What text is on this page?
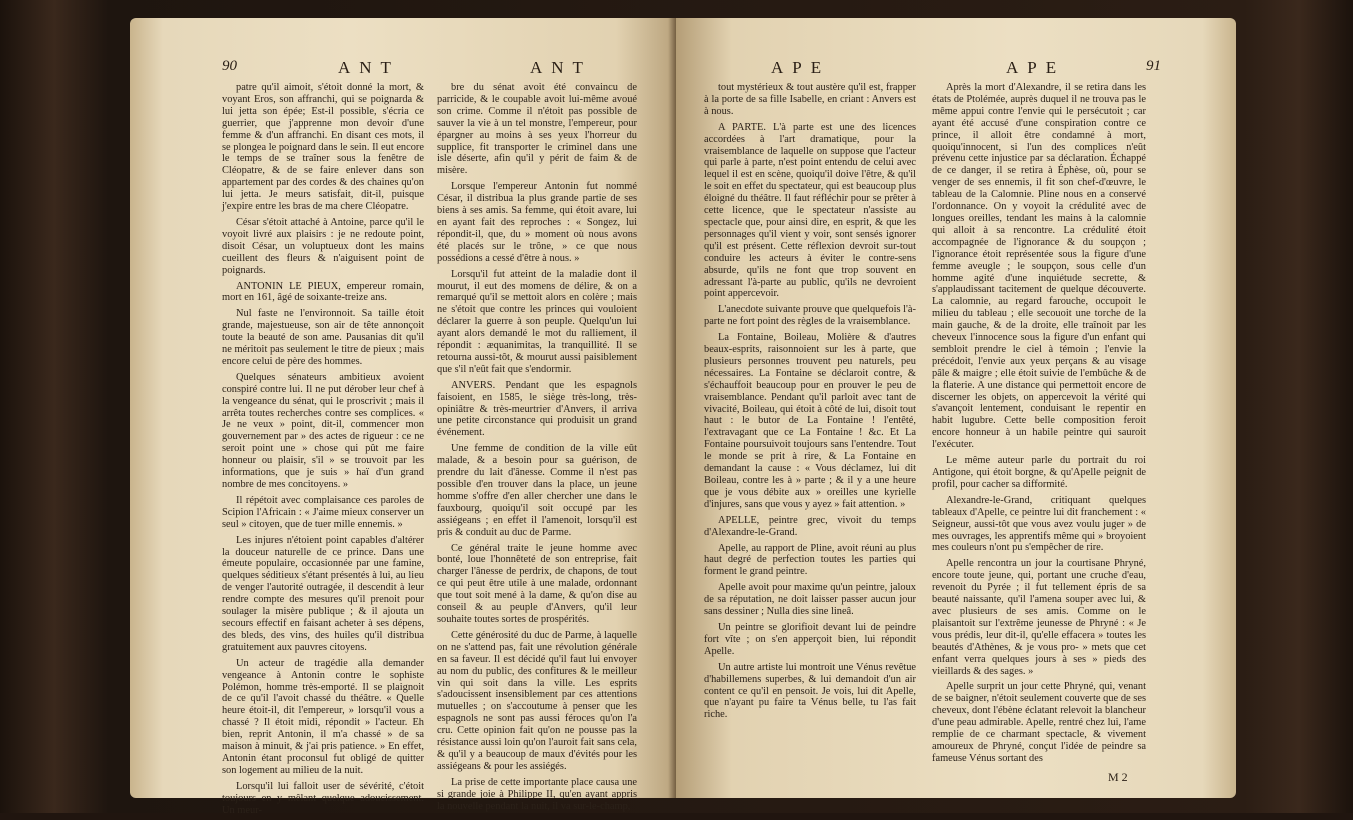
90	ANT	ANT

patre qu'il aimoit, s'étoit donné la mort, & voyant Eros, son affranchi, qui se poignarda & lui jetta son épée; Est-il possible, s'écria ce guerrier, que j'apprenne mon devoir d'une femme & d'un affranchi. En disant ces mots, il se plongea le poignard dans le sein. Il eut encore le temps de se traîner sous la fenêtre de Cléopatre, & de se faire enlever dans son appartement par des cordes & des chaines qu'on lui jetta. Je meurs satisfait, dit-il, puisque j'expire entre les bras de ma chere Cléopatre.

César s'étoit attaché à Antoine, parce qu'il le voyoit livré aux plaisirs : je ne redoute point, disoit César, un voluptueux dont les mains cueillent des fleurs & n'aiguisent point de poignards.

ANTONIN LE PIEUX, empereur romain, mort en 161, âgé de soixante-treize ans.

Nul faste ne l'environnoit. Sa taille étoit grande, majestueuse, son air de tête annonçoit toute la beauté de son ame. Pausanias dit qu'il ne méritoit pas seulement le titre de pieux ; mais encore celui de père des hommes.

Quelques sénateurs ambitieux avoient conspiré contre lui. Il ne put dérober leur chef à la vengeance du sénat, qui le proscrivit ; mais il arrêta toutes recherches contre ses complices. « Je ne veux » point, dit-il, commencer mon gouvernement par » des actes de rigueur : ce ne seroit point une » chose qui pût me faire honneur ou plaisir, s'il » se trouvoit par les informations, que je suis » haï d'un grand nombre de mes concitoyens. »

Il répétoit avec complaisance ces paroles de Scipion l'Africain : « J'aime mieux conserver un seul » citoyen, que de tuer mille ennemis. »

Les injures n'étoient point capables d'altérer la douceur naturelle de ce prince. Dans une émeute populaire, occasionnée par une famine, quelques séditieux s'étant présentés à lui, au lieu de venger l'autorité outragée, il descendit à leur rendre compte des mesures qu'il prenoit pour soulager la misère publique ; & il ajouta un secours effectif en faisant acheter à ses dépens, des bleds, des vins, des huiles qu'il distribua gratuitement aux pauvres citoyens.

Un acteur de tragédie alla demander vengeance à Antonin contre le sophiste Polémon, homme très-emporté. Il se plaignoit de ce qu'il l'avoit chassé du théâtre. « Quelle heure étoit-il, dit l'empereur, » lorsqu'il vous a chassé ? Il étoit midi, répondit » l'acteur. Eh bien, reprit Antonin, il m'a chassé » de sa maison à minuit, & j'ai pris patience. » En effet, Antonin étant proconsul fut obligé de quitter son logement au milieu de la nuit.

Lorsqu'il lui falloit user de sévérité, c'étoit toujours en y mêlant quelque adoucissement. Un meur-

bre du sénat avoit été convaincu de parricide, & le coupable avoit lui-même avoué son crime. Comme il n'étoit pas possible de sauver la vie à un tel monstre, l'empereur, pour épargner au moins à ses yeux l'horreur du supplice, fit transporter le criminel dans une isle déserte, afin qu'il y périt de faim & de misère.

Lorsque l'empereur Antonin fut nommé César, il distribua la plus grande partie de ses biens à ses amis. Sa femme, qui étoit avare, lui en ayant fait des reproches : « Songez, lui répondit-il, que, du » moment où nous avons été placés sur le trône, » ce que nous possédions a cessé d'être à nous. »

Lorsqu'il fut atteint de la maladie dont il mourut, il eut des momens de délire, & on a remarqué qu'il se mettoit alors en colère ; mais ne s'étoit que contre les princes qui vouloient déclarer la guerre à son peuple. Quelqu'un lui ayant alors demandé le mot du ralliement, il répondit : æquanimitas, la tranquillité. Il se retourna aussi-tôt, & mourut aussi paisiblement que s'il n'eût fait que s'endormir.

ANVERS. Pendant que les espagnols faisoient, en 1585, le siège très-long, très-opiniâtre & très-meurtrier d'Anvers, il arriva une petite circonstance qui produisit un grand événement.

Une femme de condition de la ville eût malade, & a besoin pour sa guérison, de prendre du lait d'ânesse. Comme il n'est pas possible d'en trouver dans la place, un jeune homme s'offre d'en aller chercher une dans le fauxbourg, quoiqu'il soit occupé par les assiégeans ; en effet il l'amenoit, lorsqu'il est pris & conduit au duc de Parme.

Ce général traite le jeune homme avec bonté, loue l'honnêteté de son entreprise, fait charger l'ânesse de perdrix, de chapons, de tout ce qui peut être utile à une malade, ordonnant que tout soit mené à la dame, & qu'on dise au conseil & au peuple d'Anvers, qu'il leur souhaite toutes sortes de prospérités.

Cette générosité du duc de Parme, à laquelle on ne s'attend pas, fait une révolution générale en sa faveur. Il est décidé qu'il faut lui envoyer au nom du public, des confitures & le meilleur vin qui soit dans la ville. Les esprits s'adoucissent insensiblement par ces attentions mutuelles ; on s'accoutume à penser que les espagnols ne sont pas aussi féroces qu'on l'a cru. Cette opinion fait qu'on ne pousse pas la résistance aussi loin qu'on l'auroit fait sans cela, & qu'il y a beaucoup de maux d'évités pour les assiégeans & pour les assiégés.

La prise de cette importante place causa une si grande joie à Philippe II, qu'en ayant appris la nouvelle pendant la nuit, il va sur-le-champ,

APE	APE	91

tout mystérieux & tout austère qu'il est, frapper à la porte de sa fille Isabelle, en criant : Anvers est à nous.

A PARTE. L'à parte est une des licences accordées à l'art dramatique, pour la vraisemblance de laquelle on suppose que l'acteur qui parle à parte, n'est point entendu de celui avec lequel il est en scène, quoiqu'il doive l'être, & qu'il le soit en effet du spectateur, qui est beaucoup plus éloigné du théâtre. Il faut réfléchir pour se prêter à cette licence, que le spectateur n'assiste au spectacle que, pour ainsi dire, en esprit, & que les personnages qu'il vient y voir, sont sensés ignorer qu'il est présent. Cette réflexion devroit sur-tout conduire les acteurs à éviter le contre-sens absurde, qu'ils ne font que trop souvent en adressant l'à-parte au public, qu'ils ne devroient point appercevoir.

L'anecdote suivante prouve que quelquefois l'à-parte ne fort point des règles de la vraisemblance.

La Fontaine, Boileau, Molière & d'autres beaux-esprits, raisonnoient sur les à parte, que plusieurs personnes trouvent peu naturels, peu nécessaires. La Fontaine se déclaroit contre, & s'échauffoit beaucoup pour en prouver le peu de vraisemblance. Pendant qu'il parloit avec tant de vivacité, Boileau, qui étoit à côté de lui, disoit tout haut : le butor de La Fontaine ! l'entêté, l'extravagant que ce La Fontaine ! &c. Et La Fontaine poursuivoit toujours sans l'entendre. Tout le monde se prit à rire, & La Fontaine en demandant la cause : « Vous déclamez, lui dit Boileau, contre les à » parte ; & il y a une heure que je vous débite aux » oreilles une kyrielle d'injures, sans que vous y ayez » fait attention. »

APELLE, peintre grec, vivoit du temps d'Alexandre-le-Grand.

Apelle, au rapport de Pline, avoit réuni au plus haut degré de perfection toutes les parties qui forment le grand peintre.

Apelle avoit pour maxime qu'un peintre, jaloux de sa réputation, ne doit laisser passer aucun jour sans dessiner ; Nulla dies sine lineâ.

Un peintre se glorifioit devant lui de peindre fort vîte ; on s'en apperçoit bien, lui répondit Apelle.

Un autre artiste lui montroit une Vénus revêtue d'habillemens superbes, & lui demandoit d'un air content ce qu'il en pensoit. Je vois, lui dit Apelle, que n'ayant pu faire ta Vénus belle, tu l'as fait riche.

Après la mort d'Alexandre, il se retira dans les états de Ptolémée, auprès duquel il ne trouva pas le même appui contre l'envie qui le persécutoit ; car ayant été accusé d'une conspiration contre ce prince, il alloit être condamné à mort, quoiqu'innocent, si l'un des complices n'eût prévenu cette injustice par sa déclaration. Échappé de ce danger, il se retira à Éphèse, où, pour se venger de ses ennemis, il fit son chef-d'œuvre, le tableau de la Calomnie. Pline nous en a conservé l'ordonnance. On y voyoit la crédulité avec de longues oreilles, tendant les mains à la calomnie qui alloit à sa rencontre. La crédulité étoit accompagnée de l'ignorance & du soupçon ; l'ignorance étoit représentée sous la figure d'une femme aveugle ; le soupçon, sous celle d'un homme agité d'une inquiétude secrette, & s'applaudissant tacitement de quelque découverte. La calomnie, au regard farouche, occupoit le milieu du tableau ; elle secouoit une torche de la main gauche, & de la droite, elle traînoit par les cheveux l'innocence sous la figure d'un enfant qui sembloit prendre le ciel à témoin ; l'envie la précédoit, l'envie aux yeux perçans & au visage pâle & maigre ; elle étoit suivie de l'embûche & de la flaterie. A une distance qui permettoit encore de discerner les objets, on appercevoit la vérité qui s'avançoit lentement, conduisant le repentir en habit lugubre. Cette belle composition feroit encore honneur à un habile peintre qui sauroit l'exécuter.

Le même auteur parle du portrait du roi Antigone, qui étoit borgne, & qu'Apelle peignit de profil, pour cacher sa difformité.

Alexandre-le-Grand, critiquant quelques tableaux d'Apelle, ce peintre lui dit franchement : « Seigneur, aussi-tôt que vous avez voulu juger » de mes ouvrages, les apprentifs même qui » broyoient mes couleurs n'ont pu s'empêcher de rire.

Apelle rencontra un jour la courtisane Phryné, encore toute jeune, qui, portant une cruche d'eau, revenoit du Pyrée ; il fut tellement épris de sa beauté naissante, qu'il l'amena souper avec lui, & avec plusieurs de ses amis. Comme on le plaisantoit sur l'extrême jeunesse de Phryné : « Je vous prédis, leur dit-il, qu'elle effacera » toutes les beautés d'Athènes, & je vous pro- » mets que cet enfant verra quelques jours à ses » pieds des vieillards & des sages. »

Apelle surprit un jour cette Phryné, qui, venant de se baigner, n'étoit seulement couverte que de ses cheveux, dont l'ébène éclatant relevoit la blancheur d'une peau admirable. Apelle, rentré chez lui, l'ame remplie de ce charmant spectacle, & vivement amoureux de Phryné, conçut l'idée de peindre sa fameuse Vénus sortant des

M 2
